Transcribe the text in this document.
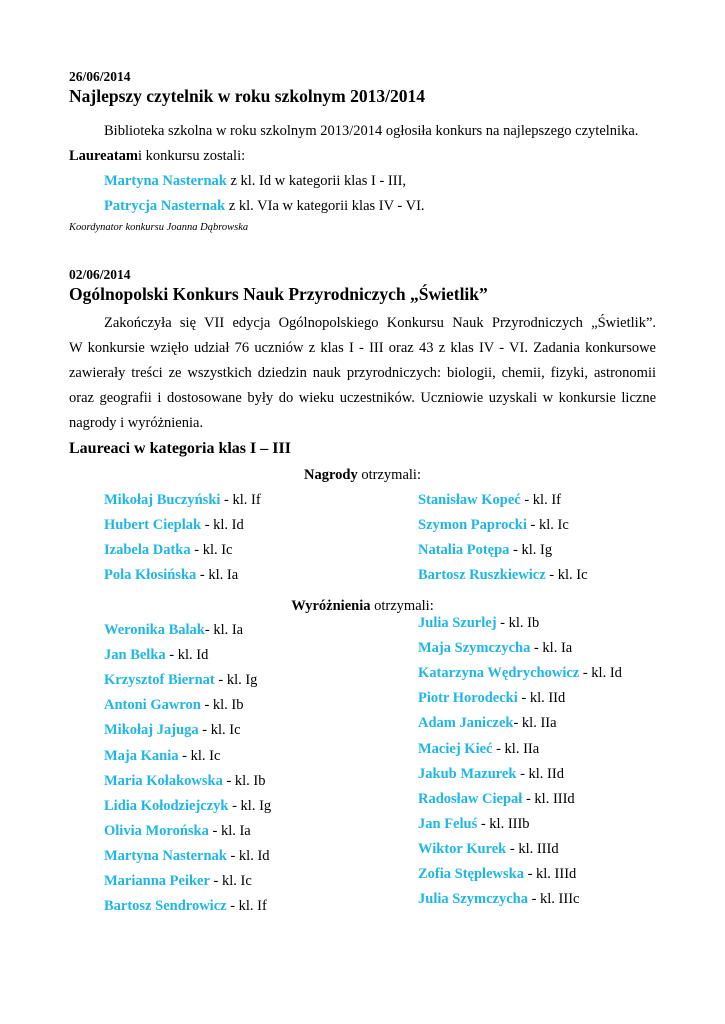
26/06/2014
Najlepszy czytelnik w roku szkolnym 2013/2014
Biblioteka szkolna w roku szkolnym 2013/2014 ogłosiła konkurs na najlepszego czytelnika.
Laureatami konkursu zostali:
Martyna Nasternak z kl. Id w kategorii klas I - III,
Patrycja Nasternak z kl. VIa w kategorii klas IV - VI.
Koordynator konkursu Joanna Dąbrowska
02/06/2014
Ogólnopolski Konkurs Nauk Przyrodniczych „Świetlik”
Zakończyła się VII edycja Ogólnopolskiego Konkursu Nauk Przyrodniczych „Świetlik”.
W konkursie wzięło udział 76 uczniów z klas I - III oraz 43 z klas IV - VI. Zadania konkursowe
zawierały treści ze wszystkich dziedzin nauk przyrodniczych: biologii, chemii, fizyki, astronomii
oraz geografii i dostosowane były do wieku uczestników. Uczniowie uzyskali w konkursie liczne
nagrody i wyróżnienia.
Laureaci w kategoria klas I – III
Nagrody otrzymali:
Mikołaj Buczyński - kl. If
Hubert Cieplak - kl. Id
Izabela Datka - kl. Ic
Pola Kłosińska - kl. Ia
Stanisław Kopeć - kl. If
Szymon Paprocki - kl. Ic
Natalia Potępa - kl. Ig
Bartosz Ruszkiewicz - kl. Ic
Wyróżnienia otrzymali:
Weronika Balak- kl. Ia
Jan Belka - kl. Id
Krzysztof Biernat - kl. Ig
Antoni Gawron - kl. Ib
Mikołaj Jajuga - kl. Ic
Maja Kania - kl. Ic
Maria Kołakowska - kl. Ib
Lidia Kołodziejczyk - kl. Ig
Olivia Morońska - kl. Ia
Martyna Nasternak - kl. Id
Marianna Peiker - kl. Ic
Bartosz Sendrowicz - kl. If
Julia Szurlej - kl. Ib
Maja Szymczycha - kl. Ia
Katarzyna Wędrychowicz - kl. Id
Piotr Horodecki - kl. IId
Adam Janiczek- kl. IIa
Maciej Kieć - kl. IIa
Jakub Mazurek - kl. IId
Radosław Ciepał - kl. IIId
Jan Feluś - kl. IIIb
Wiktor Kurek - kl. IIId
Zofia Stęplewska - kl. IIId
Julia Szymczycha - kl. IIIc
